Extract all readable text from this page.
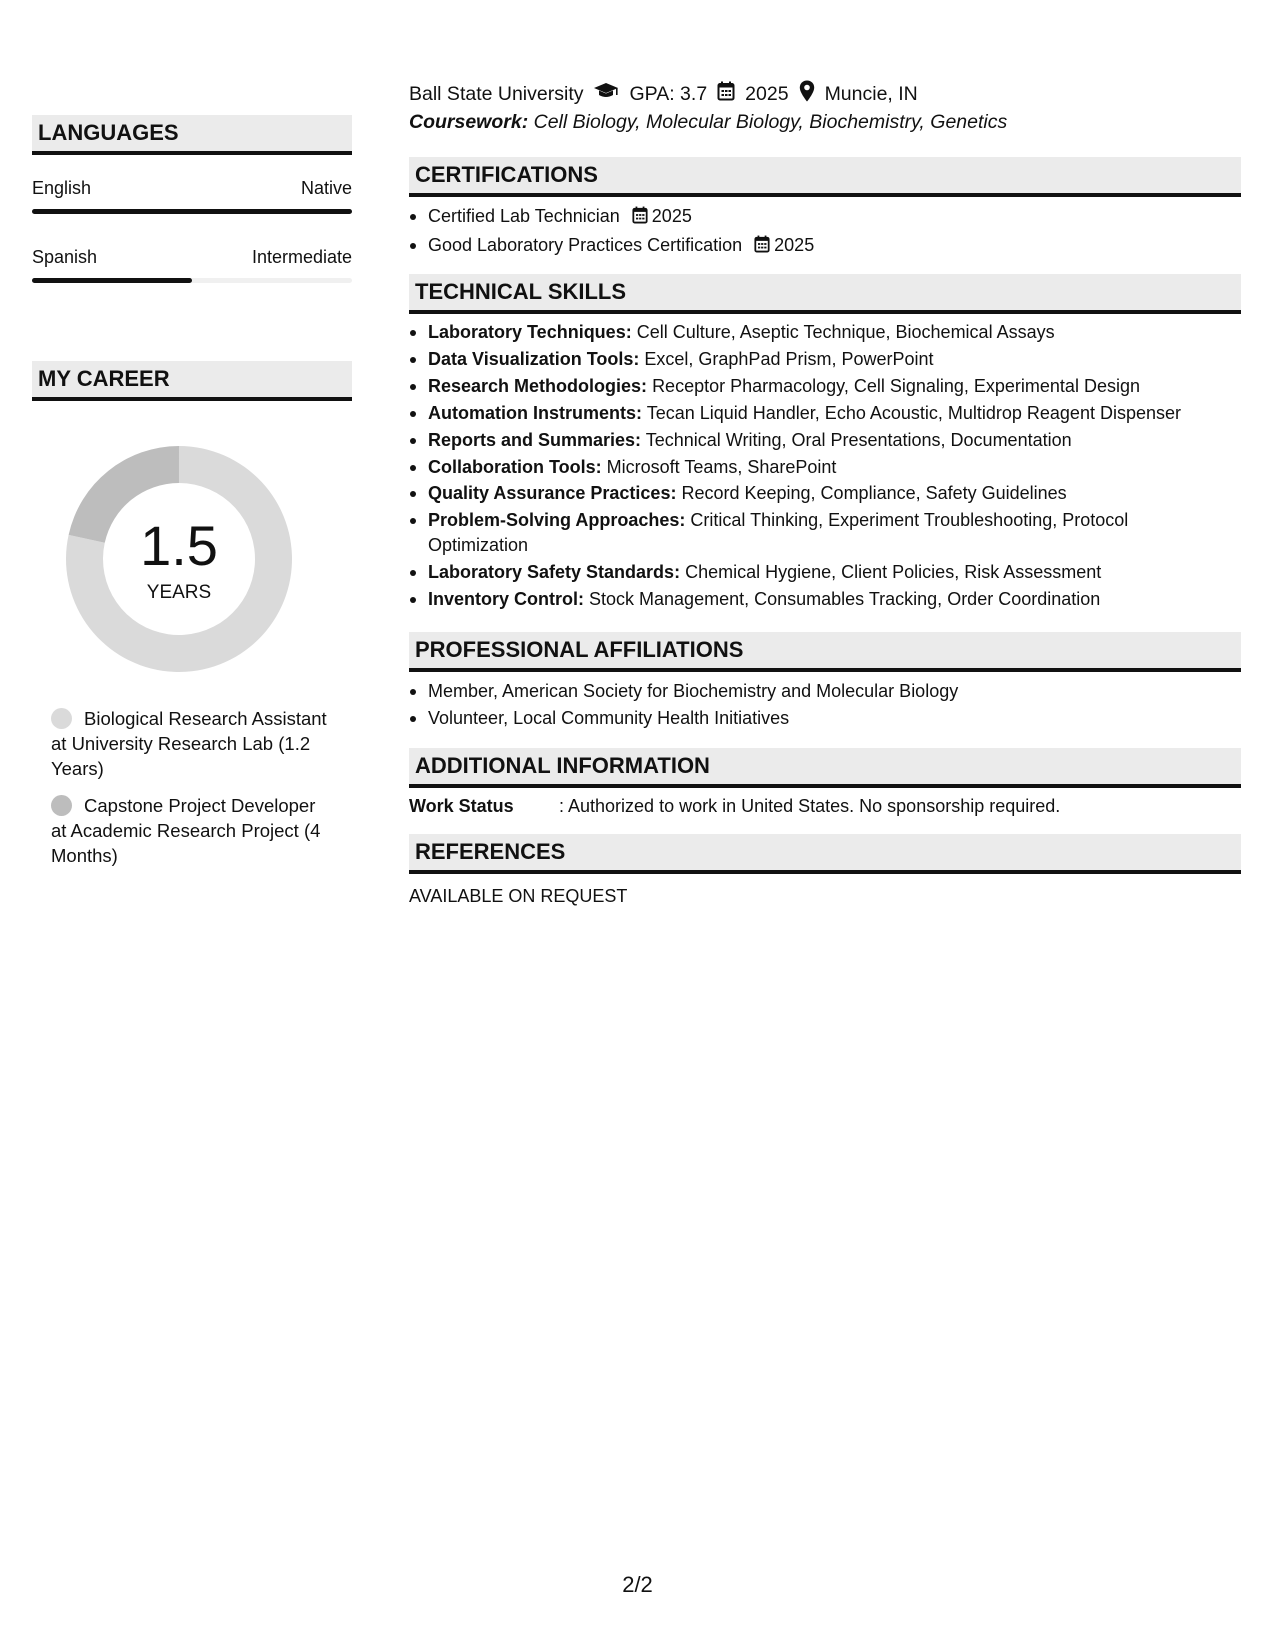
LANGUAGES
English	Native
Spanish	Intermediate
MY CAREER
1.5
YEARS
Biological Research Assistant at University Research Lab (1.2 Years)
Capstone Project Developer at Academic Research Project (4 Months)
Ball State University GPA: 3.7 2025 Muncie, IN
Coursework: Cell Biology, Molecular Biology, Biochemistry, Genetics
CERTIFICATIONS
Certified Lab Technician 2025
Good Laboratory Practices Certification 2025
TECHNICAL SKILLS
Laboratory Techniques: Cell Culture, Aseptic Technique, Biochemical Assays
Data Visualization Tools: Excel, GraphPad Prism, PowerPoint
Research Methodologies: Receptor Pharmacology, Cell Signaling, Experimental Design
Automation Instruments: Tecan Liquid Handler, Echo Acoustic, Multidrop Reagent Dispenser
Reports and Summaries: Technical Writing, Oral Presentations, Documentation
Collaboration Tools: Microsoft Teams, SharePoint
Quality Assurance Practices: Record Keeping, Compliance, Safety Guidelines
Problem-Solving Approaches: Critical Thinking, Experiment Troubleshooting, Protocol Optimization
Laboratory Safety Standards: Chemical Hygiene, Client Policies, Risk Assessment
Inventory Control: Stock Management, Consumables Tracking, Order Coordination
PROFESSIONAL AFFILIATIONS
Member, American Society for Biochemistry and Molecular Biology
Volunteer, Local Community Health Initiatives
ADDITIONAL INFORMATION
Work Status	: Authorized to work in United States. No sponsorship required.
REFERENCES
AVAILABLE ON REQUEST
2/2
